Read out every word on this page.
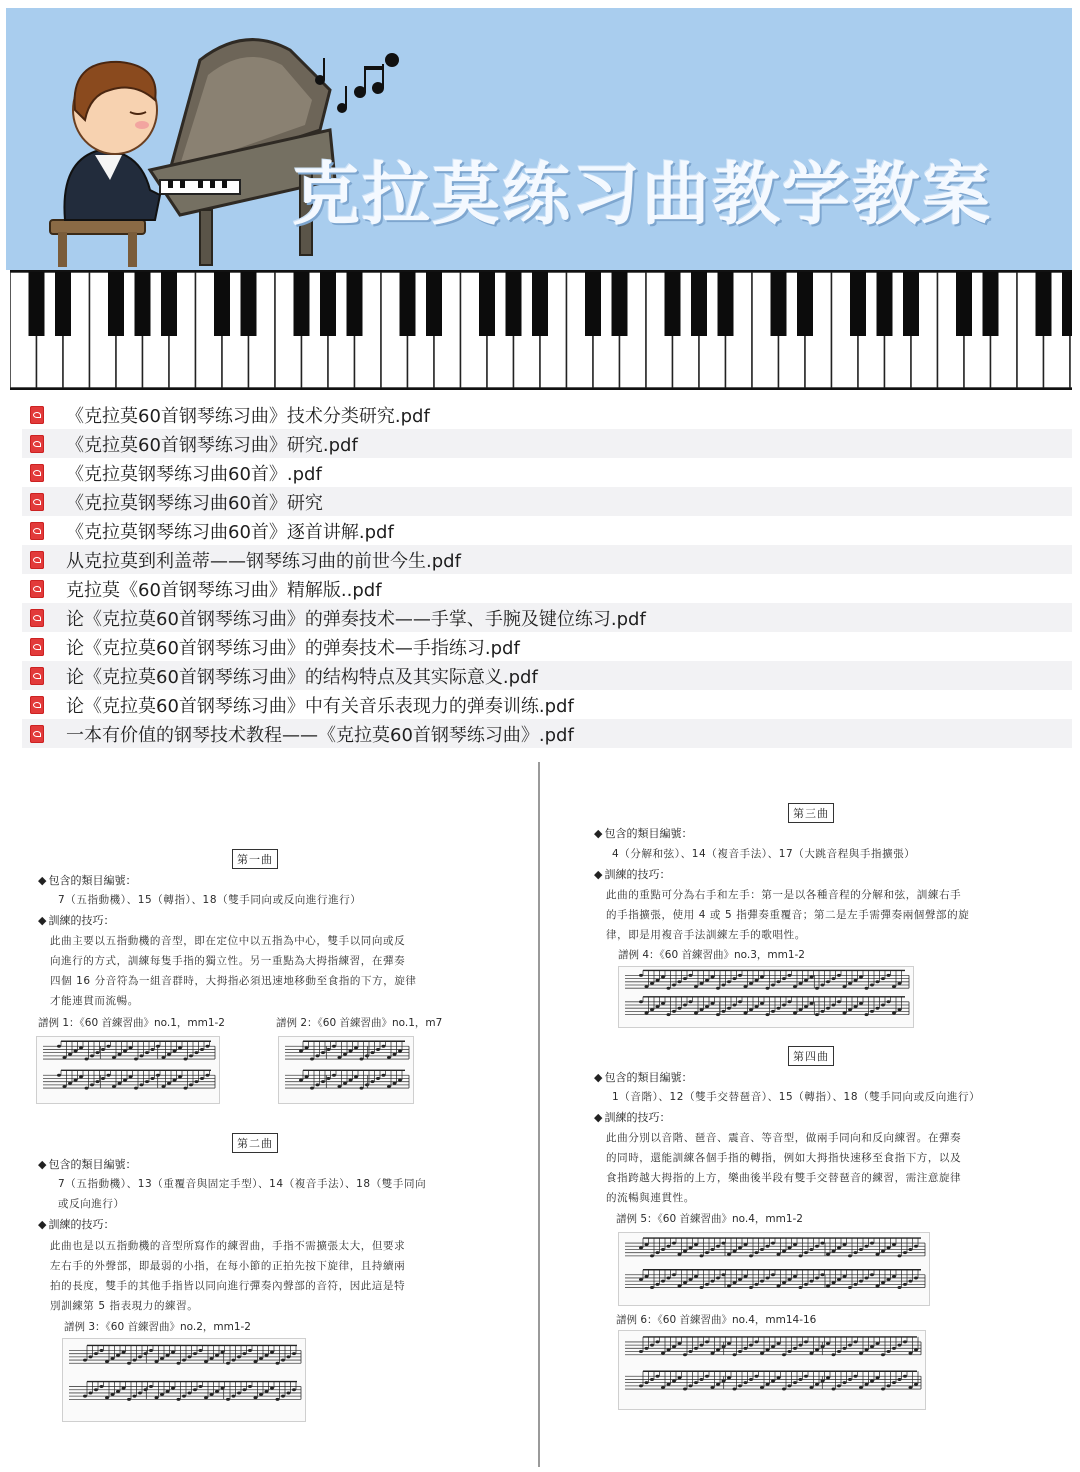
克拉莫练习曲教学教案
《克拉莫60首钢琴练习曲》技术分类研究.pdf
《克拉莫60首钢琴练习曲》研究.pdf
《克拉莫钢琴练习曲60首》.pdf
《克拉莫钢琴练习曲60首》研究
《克拉莫钢琴练习曲60首》逐首讲解.pdf
从克拉莫到利盖蒂——钢琴练习曲的前世今生.pdf
克拉莫《60首钢琴练习曲》精解版..pdf
论《克拉莫60首钢琴练习曲》的弹奏技术——手掌、手腕及键位练习.pdf
论《克拉莫60首钢琴练习曲》的弹奏技术—手指练习.pdf
论《克拉莫60首钢琴练习曲》的结构特点及其实际意义.pdf
论《克拉莫60首钢琴练习曲》中有关音乐表现力的弹奏训练.pdf
一本有价值的钢琴技术教程——《克拉莫60首钢琴练习曲》.pdf
第一曲
◆ 包含的類目編號：
7（五指動機）、15（轉指）、18（雙手同向或反向進行進行）
◆ 訓練的技巧：
此曲主要以五指動機的音型，即在定位中以五指為中心，雙手以同向或反
向進行的方式，訓練每隻手指的獨立性。另一重點為大拇指練習，在彈奏
四個 16 分音符為一組音群時，大拇指必須迅速地移動至食指的下方，旋律
才能連貫而流暢。
譜例 1：《60 首練習曲》no.1，mm1-2	譜例 2：《60 首練習曲》no.1，m7
第二曲
◆ 包含的類目編號：
7（五指動機）、13（重覆音與固定手型）、14（複音手法）、18（雙手同向
或反向進行）
◆ 訓練的技巧：
此曲也是以五指動機的音型所寫作的練習曲，手指不需擴張太大，但要求
左右手的外聲部，即最弱的小指，在每小節的正拍先按下旋律，且持續兩
拍的長度，雙手的其他手指皆以同向進行彈奏內聲部的音符，因此這是特
別訓練第 5 指表現力的練習。
譜例 3：《60 首練習曲》no.2，mm1-2
第三曲
◆ 包含的類目編號：
4（分解和弦）、14（複音手法）、17（大跳音程與手指擴張）
◆ 訓練的技巧：
此曲的重點可分為右手和左手：第一是以各種音程的分解和弦，訓練右手
的手指擴張，使用 4 或 5 指彈奏重覆音；第二是左手需彈奏兩個聲部的旋
律，即是用複音手法訓練左手的歌唱性。
譜例 4：《60 首練習曲》no.3，mm1-2
第四曲
◆ 包含的類目編號：
1（音階）、12（雙手交替琶音）、15（轉指）、18（雙手同向或反向進行）
◆ 訓練的技巧：
此曲分別以音階、琶音、震音、等音型，做兩手同向和反向練習。在彈奏
的同時，還能訓練各個手指的轉指，例如大拇指快速移至食指下方，以及
食指跨越大拇指的上方，樂曲後半段有雙手交替琶音的練習，需注意旋律
的流暢與連貫性。
譜例 5：《60 首練習曲》no.4，mm1-2
譜例 6：《60 首練習曲》no.4，mm14-16
